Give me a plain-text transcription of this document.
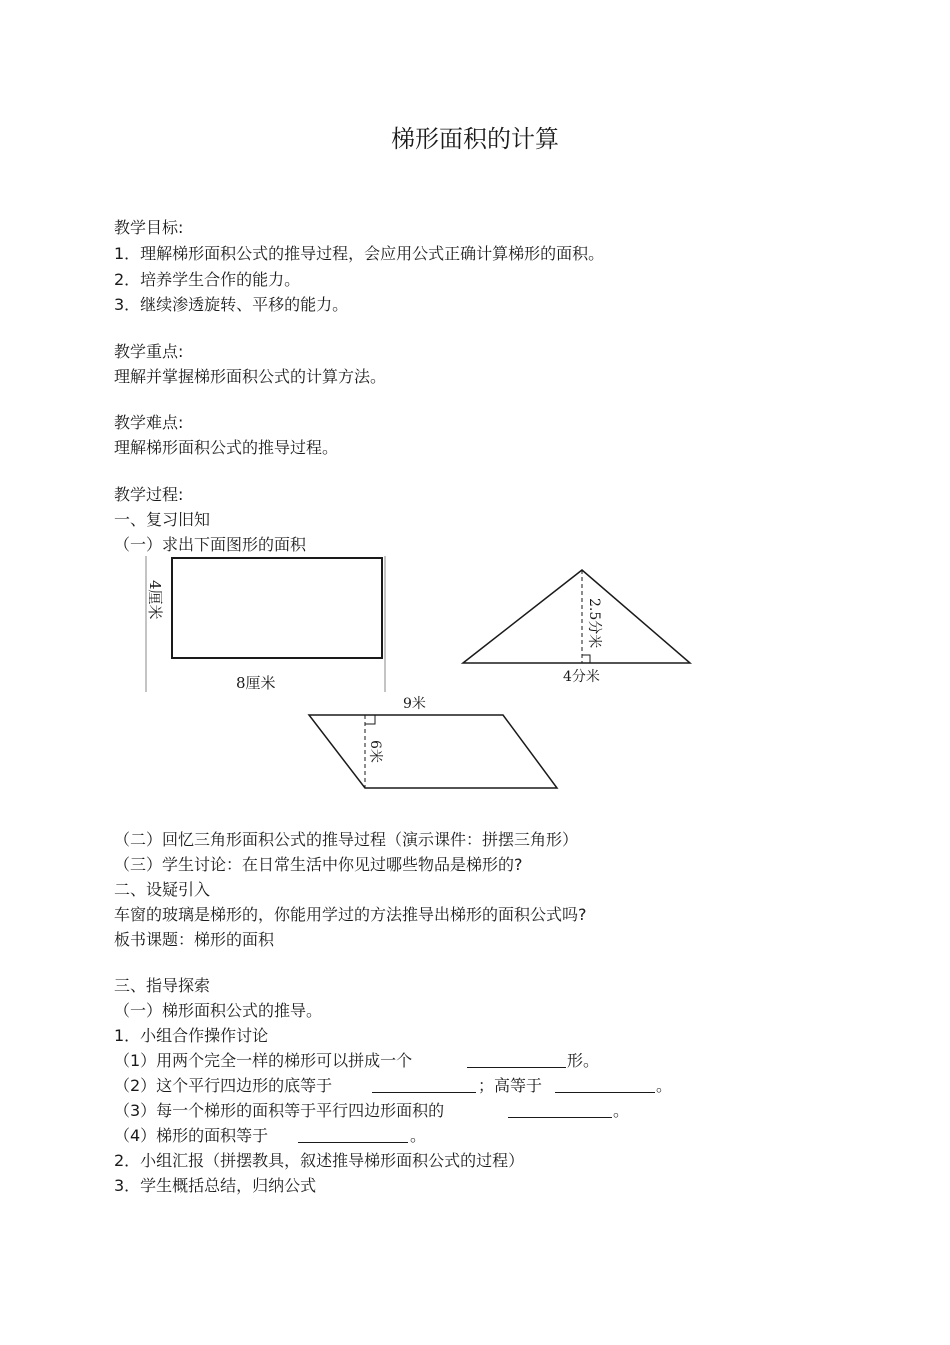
梯形面积的计算
教学目标:
1．理解梯形面积公式的推导过程，会应用公式正确计算梯形的面积。
2．培养学生合作的能力。
3．继续渗透旋转、平移的能力。
教学重点:
理解并掌握梯形面积公式的计算方法。
教学难点:
理解梯形面积公式的推导过程。
教学过程:
一、复习旧知
（一）求出下面图形的面积
4厘米
8厘米
2.5分米
4分米
9米
6米
（二）回忆三角形面积公式的推导过程（演示课件：拼摆三角形）
（三）学生讨论：在日常生活中你见过哪些物品是梯形的?
二、设疑引入
车窗的玻璃是梯形的，你能用学过的方法推导出梯形的面积公式吗?
板书课题：梯形的面积
三、指导探索
（一）梯形面积公式的推导。
1．小组合作操作讨论
（1）用两个完全一样的梯形可以拼成一个	形。
（2）这个平行四边形的底等于	；高等于	。
（3）每一个梯形的面积等于平行四边形面积的	。
（4）梯形的面积等于	。
2．小组汇报（拼摆教具，叙述推导梯形面积公式的过程）
3．学生概括总结，归纳公式
